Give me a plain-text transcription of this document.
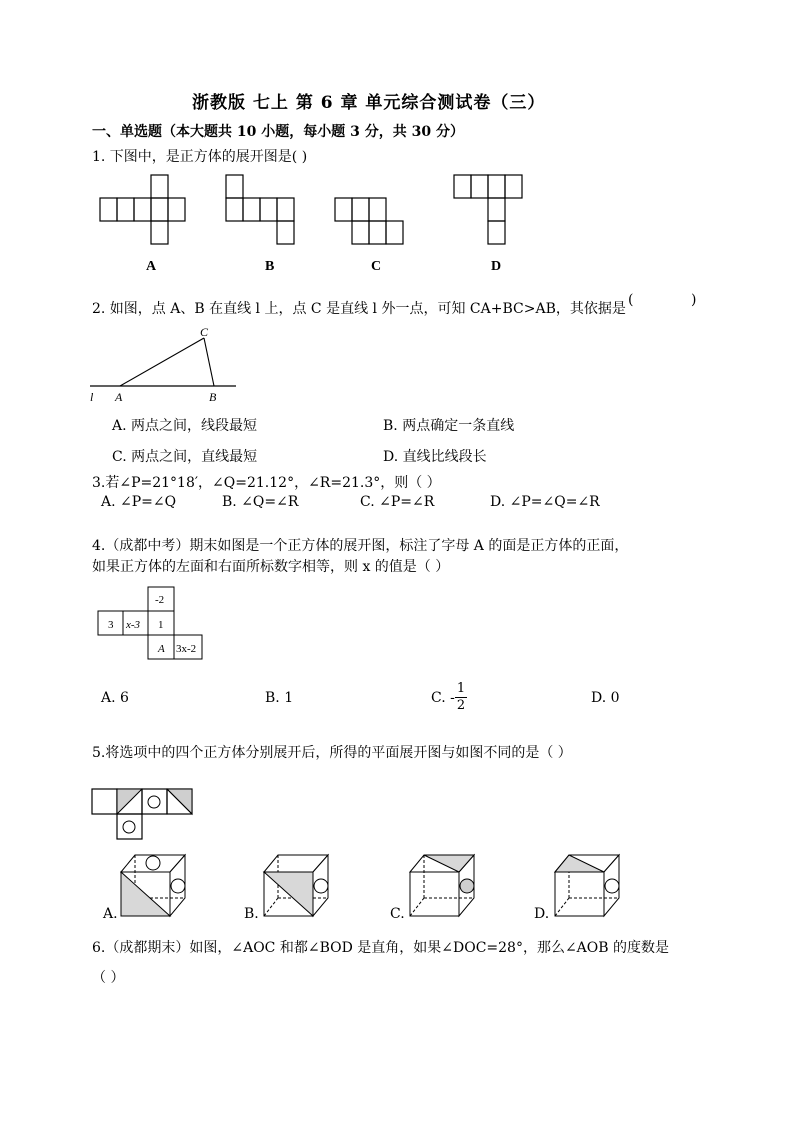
浙教版 七上 第 6 章 单元综合测试卷（三）
一、单选题（本大题共 10 小题，每小题 3 分，共 30 分）
1. 下图中，是正方体的展开图是( )
A	B	C	D
2. 如图，点 A、B 在直线 l 上，点 C 是直线 l 外一点，可知 CA+BC>AB，其依据是
(	)
C
l A	B
A. 两点之间，线段最短	B. 两点确定一条直线
C. 两点之间，直线最短	D. 直线比线段长
3.若∠P=21°18′，∠Q=21.12°，∠R=21.3°，则（ ）
A. ∠P=∠Q	B. ∠Q=∠R	C. ∠P=∠R	D. ∠P=∠Q=∠R
4.（成都中考）期末如图是一个正方体的展开图，标注了字母 A 的面是正方体的正面，
如果正方体的左面和右面所标数字相等，则 x 的值是（ ）
-2
3 x-3 1
A 3x-2
A. 6	B. 1	C. - $\frac{1}{2}$	D. 0
5.将选项中的四个正方体分别展开后，所得的平面展开图与如图不同的是（ ）
A.	B.	C.	D.
6.（成都期末）如图，∠AOC 和都∠BOD 是直角，如果∠DOC=28°，那么∠AOB 的度数是
（ ）
